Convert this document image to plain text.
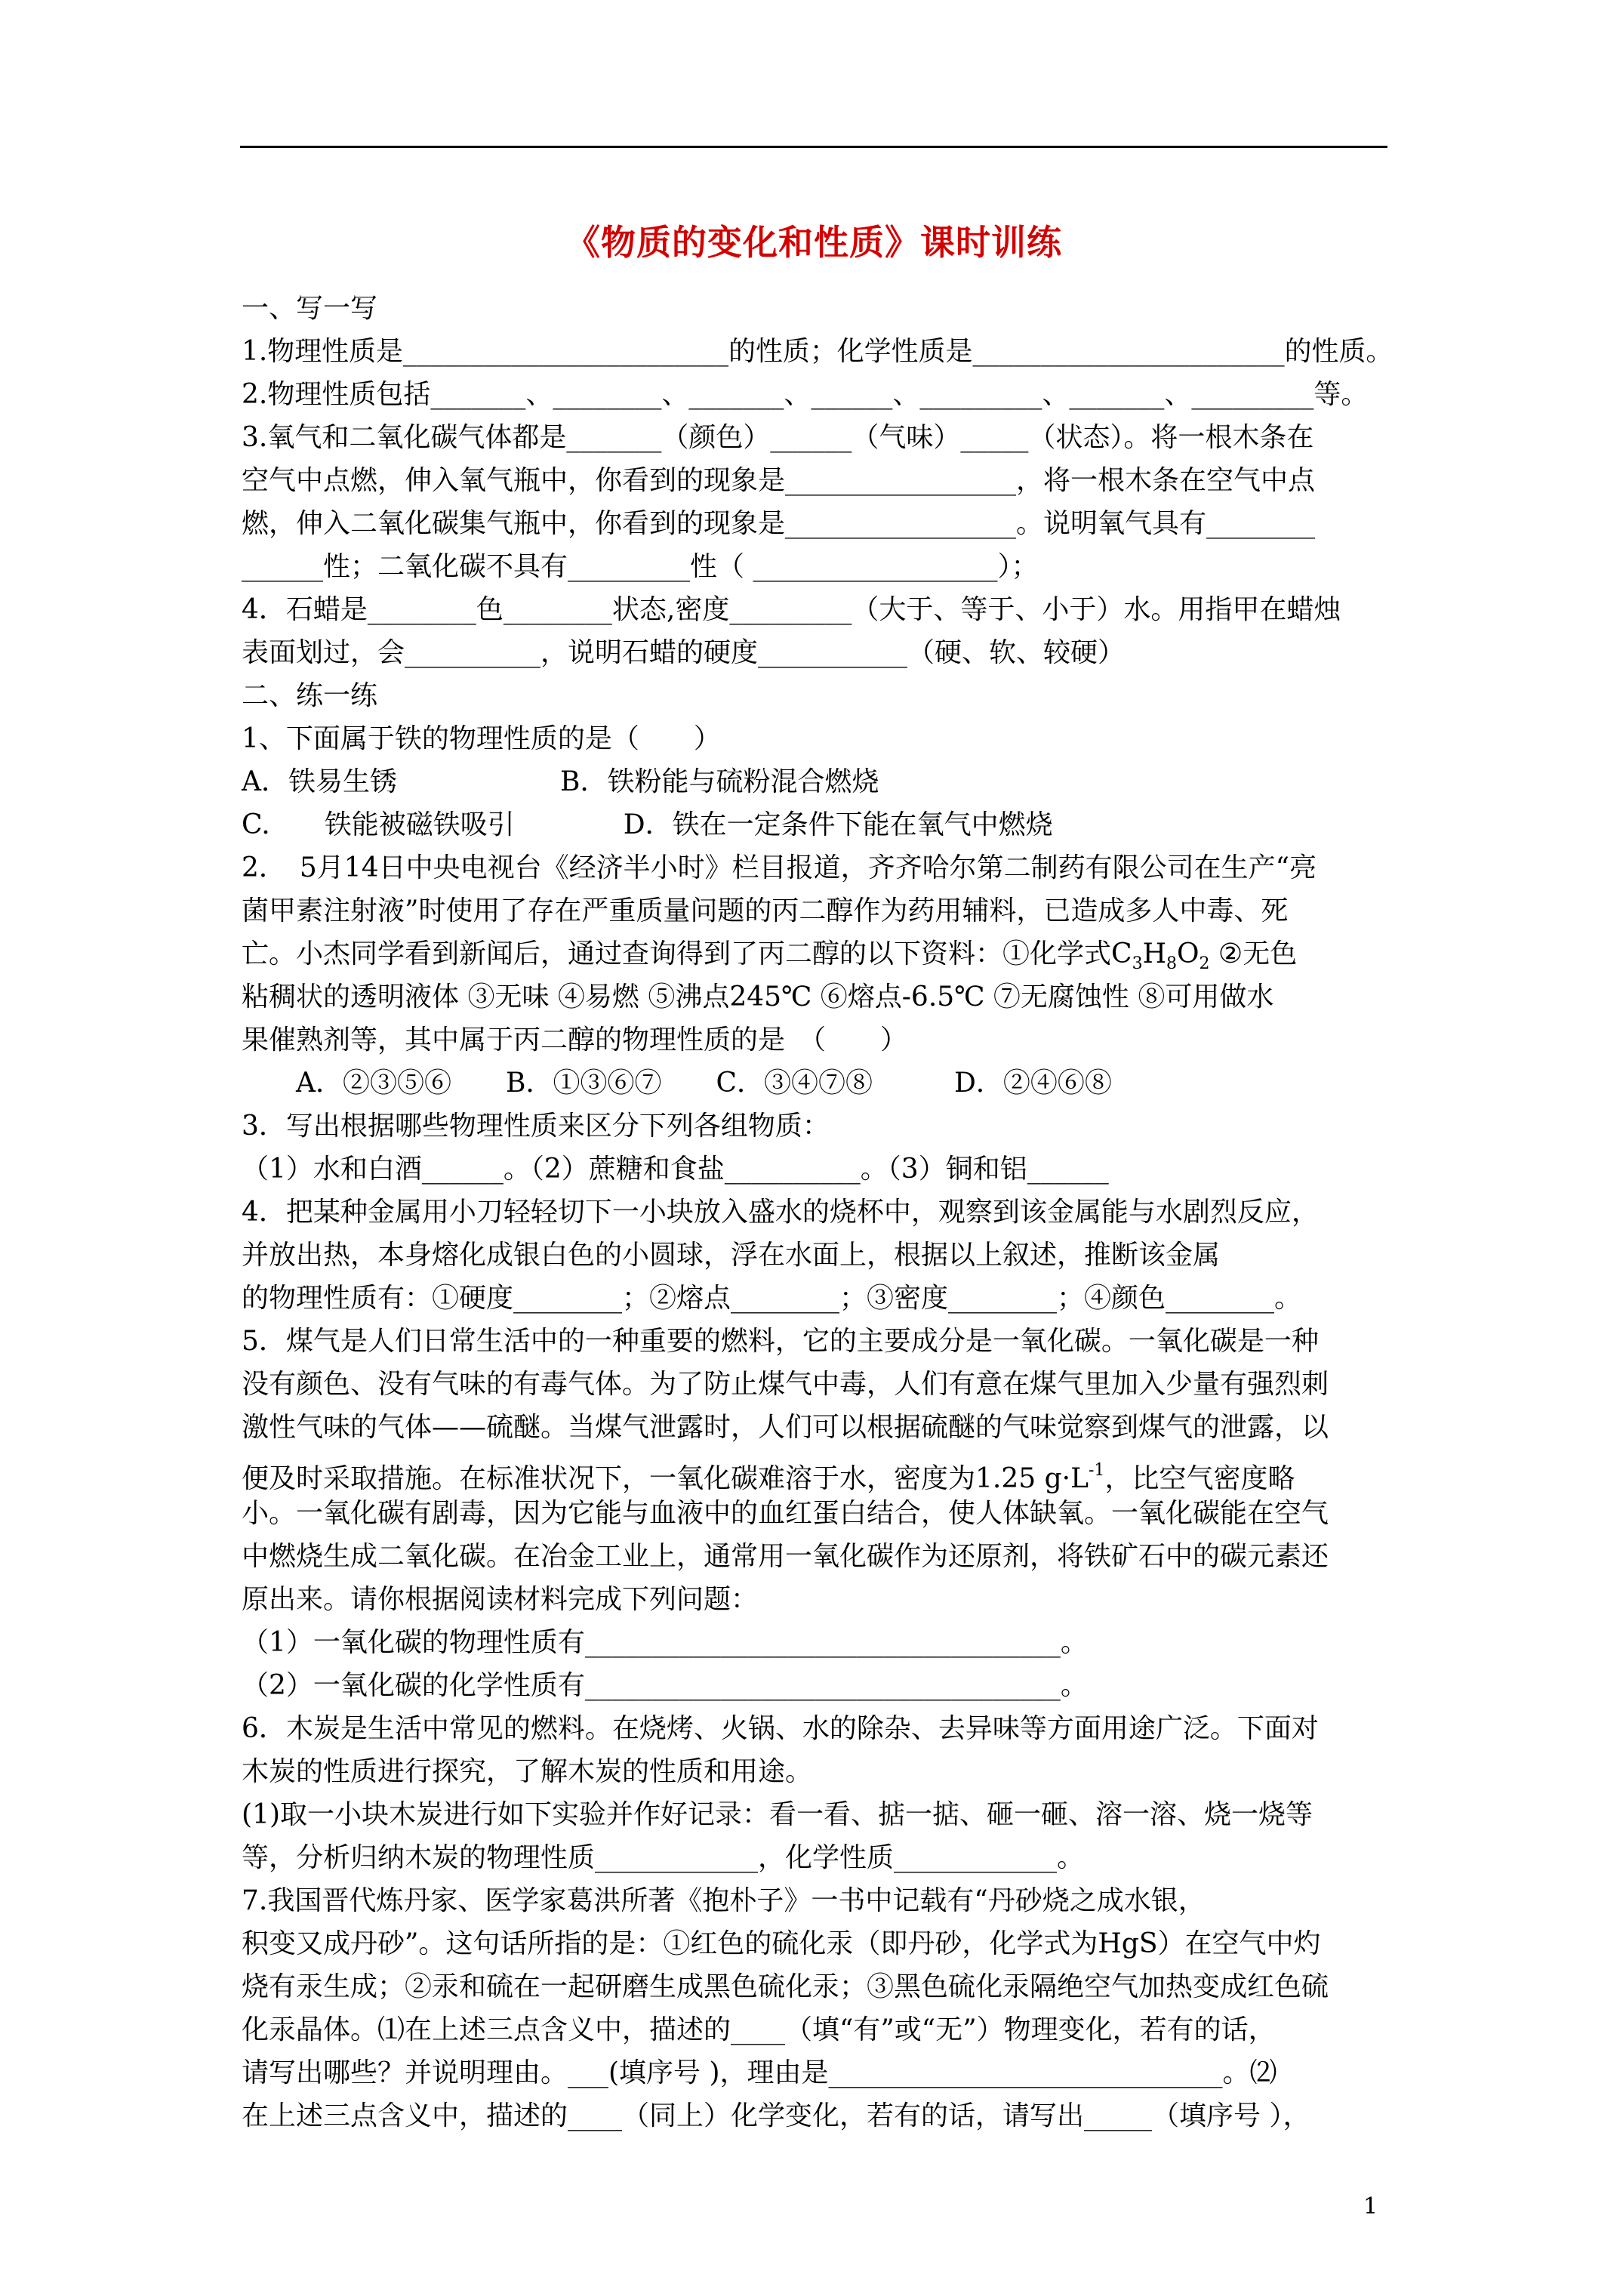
《物质的变化和性质》课时训练
一、写一写
1.物理性质是________________________的性质；化学性质是_______________________的性质。
2.物理性质包括_______、________、_______、______、_________、_______、_________等。
3.氧气和二氧化碳气体都是_______（颜色）______（气味）_____（状态）。将一根木条在
空气中点燃，伸入氧气瓶中，你看到的现象是_________________，将一根木条在空气中点
燃，伸入二氧化碳集气瓶中，你看到的现象是_________________。说明氧气具有________
______性；二氧化碳不具有_________性（ __________________）；
4．石蜡是________色________状态,密度_________（大于、等于、小于）水。用指甲在蜡烛
表面划过，会__________，说明石蜡的硬度___________（硬、软、较硬）
二、练一练
1、下面属于铁的物理性质的是（　　）
A．铁易生锈　　　　　　B．铁粉能与硫粉混合燃烧
C.　　铁能被磁铁吸引　　　　D．铁在一定条件下能在氧气中燃烧
2．　5月14日中央电视台《经济半小时》栏目报道，齐齐哈尔第二制药有限公司在生产“亮
菌甲素注射液”时使用了存在严重质量问题的丙二醇作为药用辅料，已造成多人中毒、死
亡。小杰同学看到新闻后，通过查询得到了丙二醇的以下资料：①化学式$C_3H_8O_2$ ②无色
粘稠状的透明液体 ③无味 ④易燃 ⑤沸点245℃ ⑥熔点-6.5℃ ⑦无腐蚀性 ⑧可用做水
果催熟剂等，其中属于丙二醇的物理性质的是　（　　）
　　A．②③⑤⑥　　B．①③⑥⑦　　C．③④⑦⑧　　　D．②④⑥⑧
3．写出根据哪些物理性质来区分下列各组物质：
（1）水和白酒______。（2）蔗糖和食盐__________。（3）铜和铝______
4．把某种金属用小刀轻轻切下一小块放入盛水的烧杯中，观察到该金属能与水剧烈反应，
并放出热，本身熔化成银白色的小圆球，浮在水面上，根据以上叙述，推断该金属
的物理性质有：①硬度________；②熔点________；③密度________；④颜色________。
5．煤气是人们日常生活中的一种重要的燃料，它的主要成分是一氧化碳。一氧化碳是一种
没有颜色、没有气味的有毒气体。为了防止煤气中毒，人们有意在煤气里加入少量有强烈刺
激性气味的气体——硫醚。当煤气泄露时，人们可以根据硫醚的气味觉察到煤气的泄露，以
便及时采取措施。在标准状况下，一氧化碳难溶于水，密度为1.25 $g\cdot L^{-1}$，比空气密度略
小。一氧化碳有剧毒，因为它能与血液中的血红蛋白结合，使人体缺氧。一氧化碳能在空气
中燃烧生成二氧化碳。在冶金工业上，通常用一氧化碳作为还原剂，将铁矿石中的碳元素还
原出来。请你根据阅读材料完成下列问题：
（1）一氧化碳的物理性质有___________________________________。
（2）一氧化碳的化学性质有___________________________________。
6．木炭是生活中常见的燃料。在烧烤、火锅、水的除杂、去异味等方面用途广泛。下面对
木炭的性质进行探究，了解木炭的性质和用途。
(1)取一小块木炭进行如下实验并作好记录：看一看、掂一掂、砸一砸、溶一溶、烧一烧等
等，分析归纳木炭的物理性质____________，化学性质____________。
7.我国晋代炼丹家、医学家葛洪所著《抱朴子》一书中记载有“丹砂烧之成水银，
积变又成丹砂”。这句话所指的是：①红色的硫化汞（即丹砂，化学式为HgS）在空气中灼
烧有汞生成；②汞和硫在一起研磨生成黑色硫化汞；③黑色硫化汞隔绝空气加热变成红色硫
化汞晶体。⑴在上述三点含义中，描述的____（填“有”或“无”）物理变化，若有的话，
请写出哪些？并说明理由。___(填序号 )，理由是_____________________________。⑵
在上述三点含义中，描述的____（同上）化学变化，若有的话，请写出_____（填序号 ），
1
